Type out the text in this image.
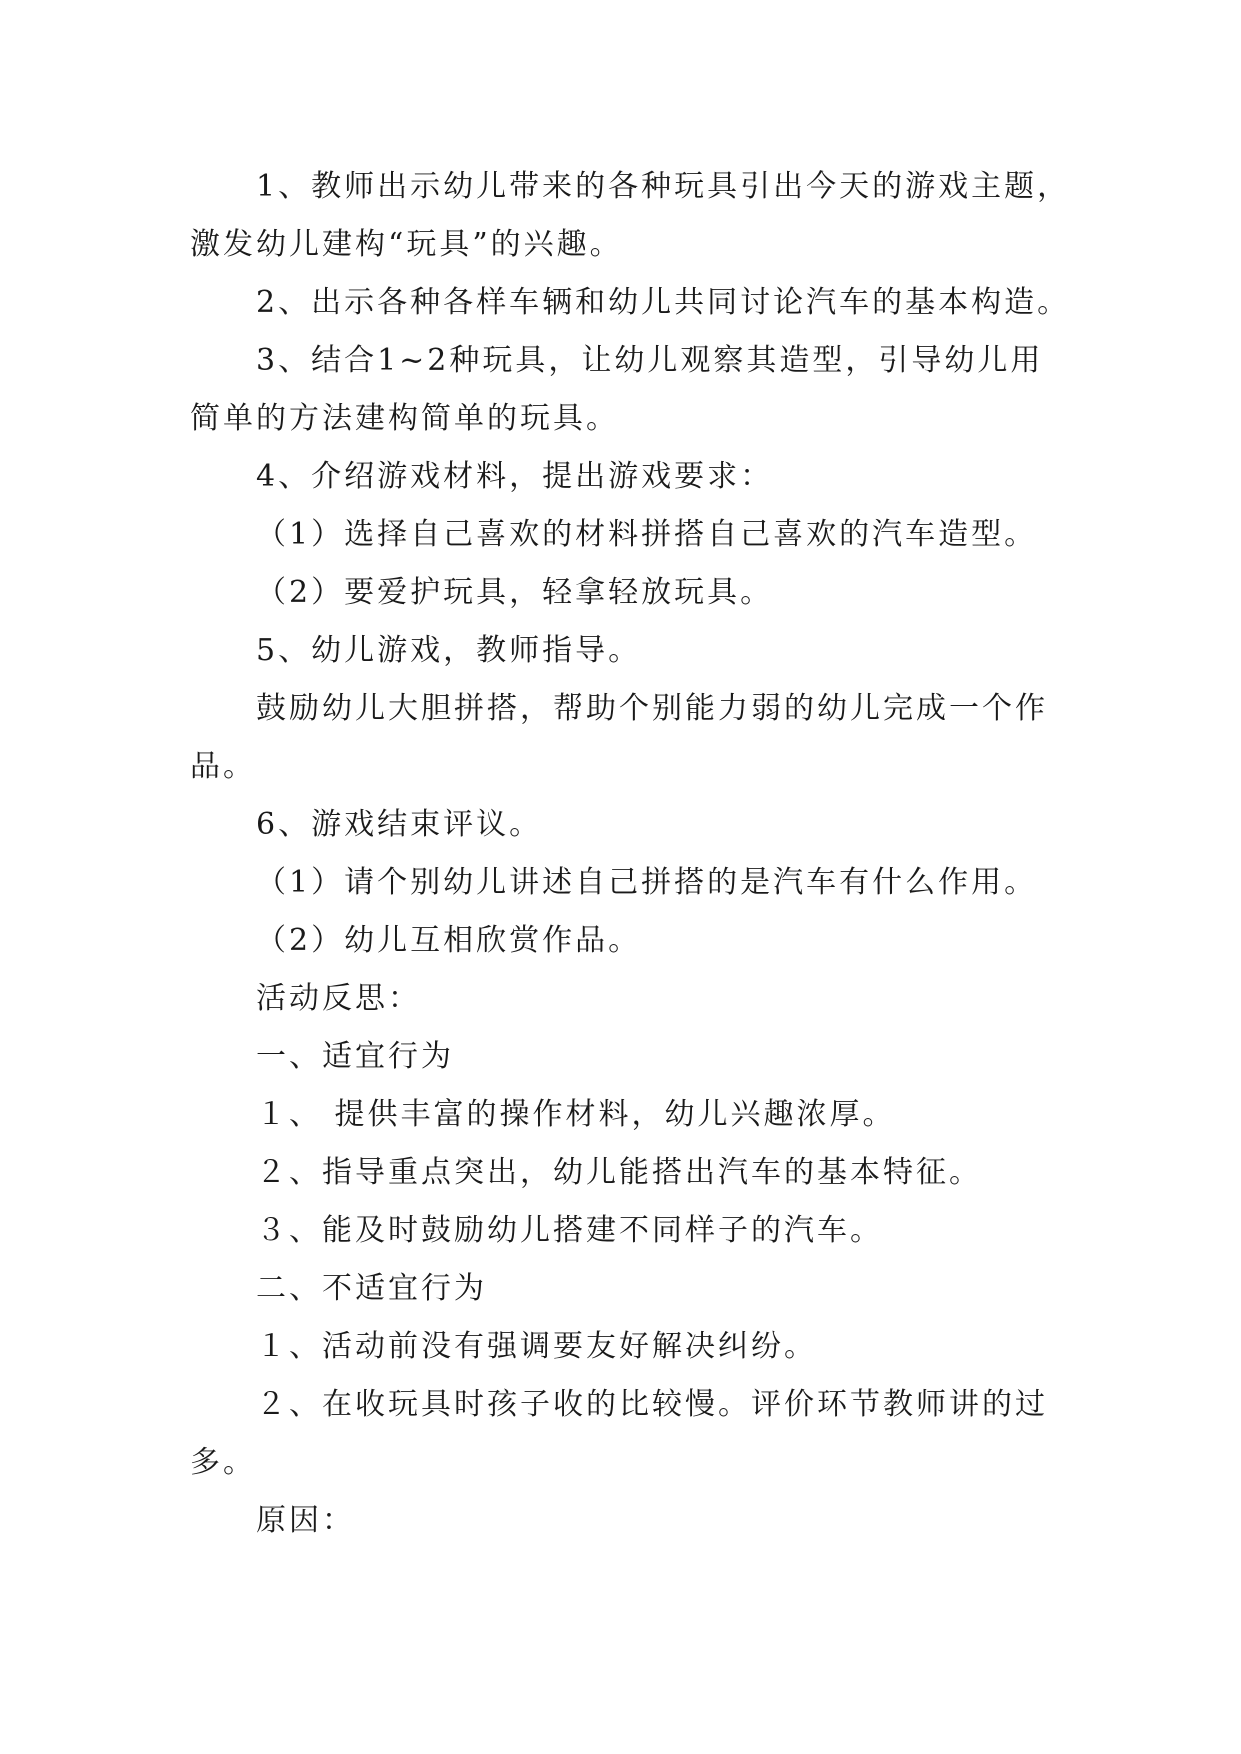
1、教师出示幼儿带来的各种玩具引出今天的游戏主题，
激发幼儿建构“玩具”的兴趣。
2、出示各种各样车辆和幼儿共同讨论汽车的基本构造。
3、结合1~2种玩具，让幼儿观察其造型，引导幼儿用
简单的方法建构简单的玩具。
4、介绍游戏材料，提出游戏要求：
（1）选择自己喜欢的材料拼搭自己喜欢的汽车造型。
（2）要爱护玩具，轻拿轻放玩具。
5、幼儿游戏，教师指导。
鼓励幼儿大胆拼搭，帮助个别能力弱的幼儿完成一个作
品。
6、游戏结束评议。
（1）请个别幼儿讲述自己拼搭的是汽车有什么作用。
（2）幼儿互相欣赏作品。
活动反思：
一、适宜行为
１、 提供丰富的操作材料，幼儿兴趣浓厚。
２、指导重点突出，幼儿能搭出汽车的基本特征。
３、能及时鼓励幼儿搭建不同样子的汽车。
二、不适宜行为
１、活动前没有强调要友好解决纠纷。
２、在收玩具时孩子收的比较慢。评价环节教师讲的过
多。
原因：
